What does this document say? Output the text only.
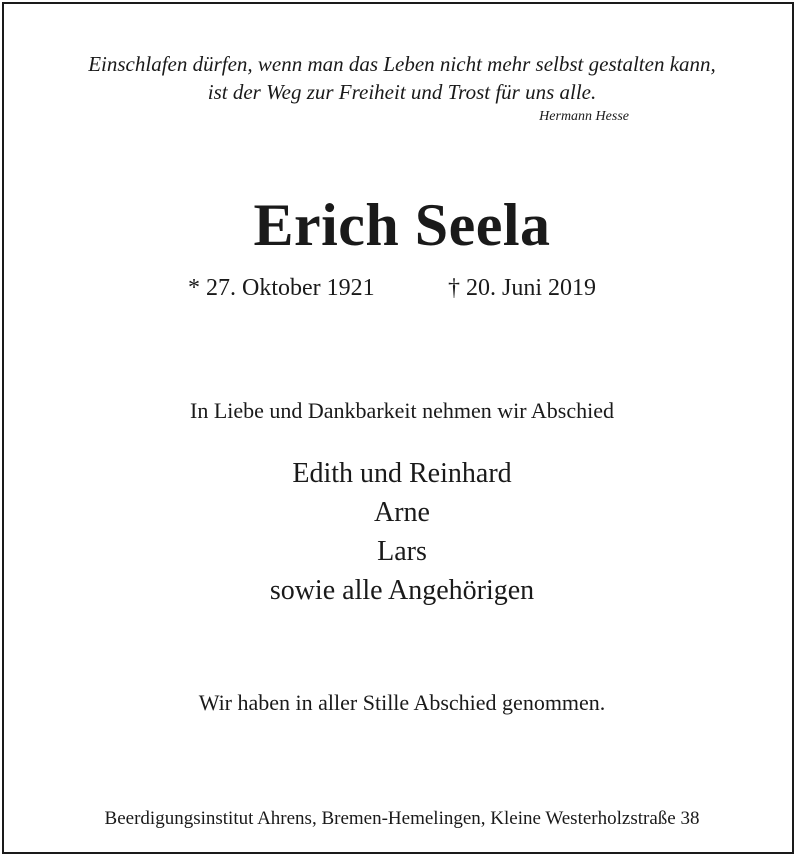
Einschlafen dürfen, wenn man das Leben nicht mehr selbst gestalten kann,
ist der Weg zur Freiheit und Trost für uns alle.
Hermann Hesse
Erich Seela
* 27. Oktober 1921	† 20. Juni 2019
In Liebe und Dankbarkeit nehmen wir Abschied
Edith und Reinhard
Arne
Lars
sowie alle Angehörigen
Wir haben in aller Stille Abschied genommen.
Beerdigungsinstitut Ahrens, Bremen-Hemelingen, Kleine Westerholzstraße 38
